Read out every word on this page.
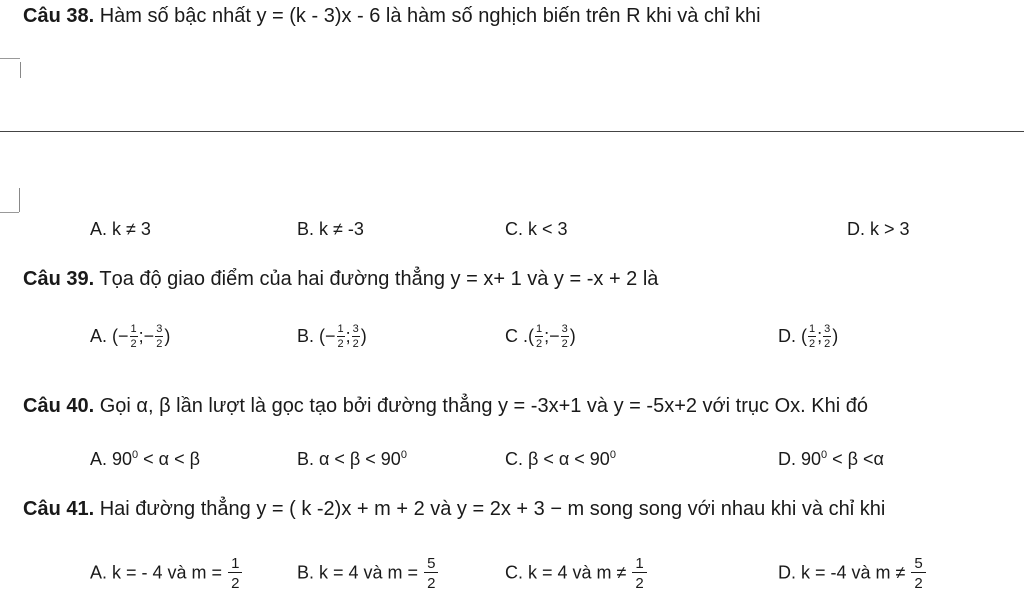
Câu 38. Hàm số bậc nhất y = (k - 3)x - 6 là hàm số nghịch biến trên R khi và chỉ khi
A. k ≠ 3	B. k ≠ -3	C. k < 3	D. k > 3
Câu 39. Tọa độ giao điểm của hai đường thẳng y = x+ 1 và y = -x + 2 là
A. (− $\frac{1}{2}$ ;− $\frac{3}{2}$ )	B. (− $\frac{1}{2}$ ; $\frac{3}{2}$ )	C .( $\frac{1}{2}$ ;− $\frac{3}{2}$ )	D. ( $\frac{1}{2}$ ; $\frac{3}{2}$ )
Câu 40. Gọi α, β lần lượt là gọc tạo bởi đường thẳng y = -3x+1 và y = -5x+2 với trục Ox. Khi đó
A. $90^0 < \alpha < \beta$	B. $\alpha < \beta < 90^0$	C. $\beta < \alpha < 90^0$	D. $90^0 < \beta <\alpha$
Câu 41. Hai đường thẳng y = ( k -2)x + m + 2 và y = 2x + 3 − m song song với nhau khi và chỉ khi
A. k = - 4 và $m = \frac{1}{2}$	B. k = 4 và $m = \frac{5}{2}$	C. k = 4 và $m \ne \frac{1}{2}$	D. k = -4 và $m \ne \frac{5}{2}$
